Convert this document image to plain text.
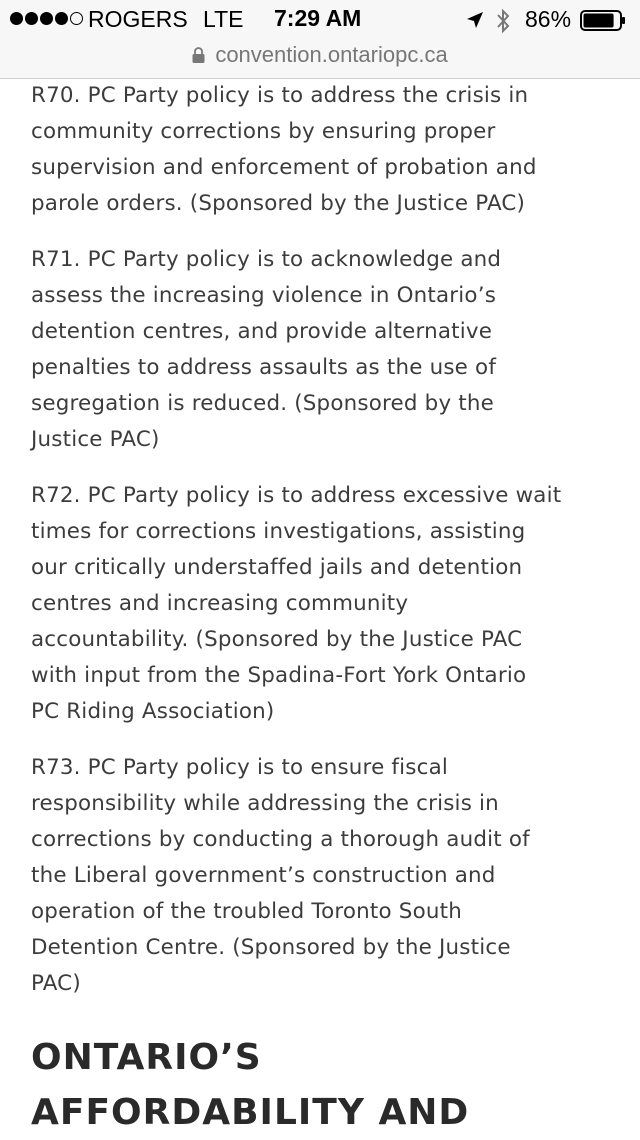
ROGERS LTE 7:29 AM	86%
convention.ontariopc.ca

R70. PC Party policy is to address the crisis in
community corrections by ensuring proper
supervision and enforcement of probation and
parole orders. (Sponsored by the Justice PAC)

R71. PC Party policy is to acknowledge and
assess the increasing violence in Ontario’s
detention centres, and provide alternative
penalties to address assaults as the use of
segregation is reduced. (Sponsored by the
Justice PAC)

R72. PC Party policy is to address excessive wait
times for corrections investigations, assisting
our critically understaffed jails and detention
centres and increasing community
accountability. (Sponsored by the Justice PAC
with input from the Spadina-Fort York Ontario
PC Riding Association)

R73. PC Party policy is to ensure fiscal
responsibility while addressing the crisis in
corrections by conducting a thorough audit of
the Liberal government’s construction and
operation of the troubled Toronto South
Detention Centre. (Sponsored by the Justice
PAC)

ONTARIO’S
AFFORDABILITY AND
